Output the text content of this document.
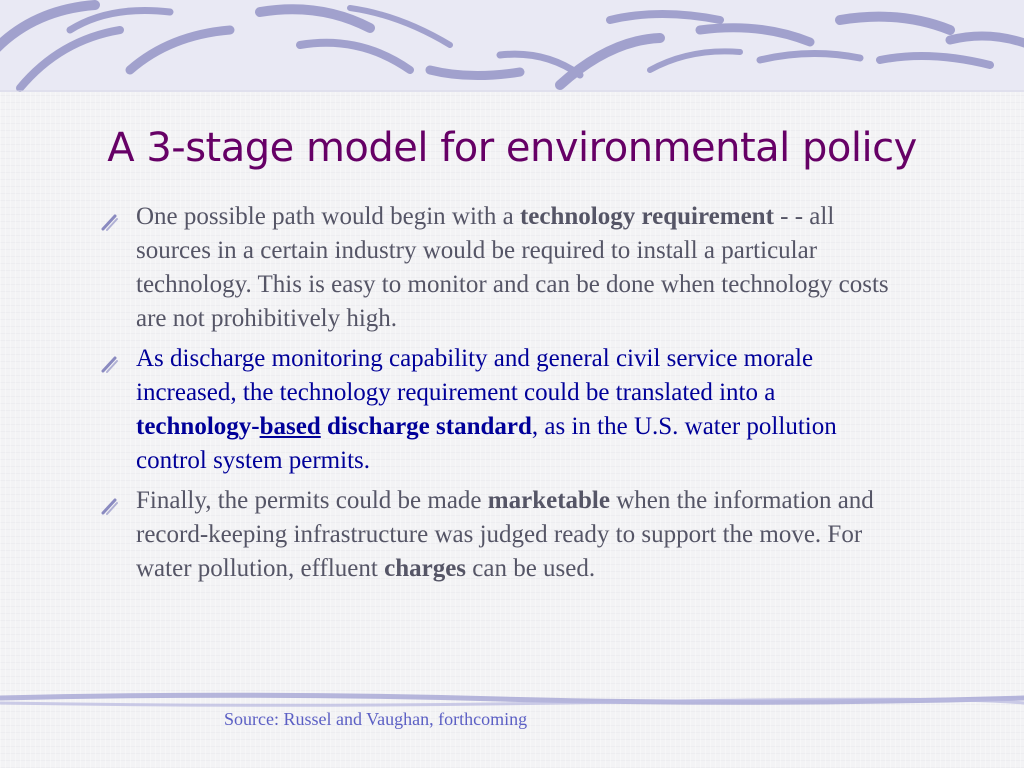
A 3-stage model for environmental policy
One possible path would begin with a technology requirement - - all sources in a certain industry would be required to install a particular technology. This is easy to monitor and can be done when technology costs are not prohibitively high.
As discharge monitoring capability and general civil service morale increased, the technology requirement could be translated into a technology-based discharge standard, as in the U.S. water pollution control system permits.
Finally, the permits could be made marketable when the information and record-keeping infrastructure was judged ready to support the move. For water pollution, effluent charges can be used.

Source: Russel and Vaughan, forthcoming
